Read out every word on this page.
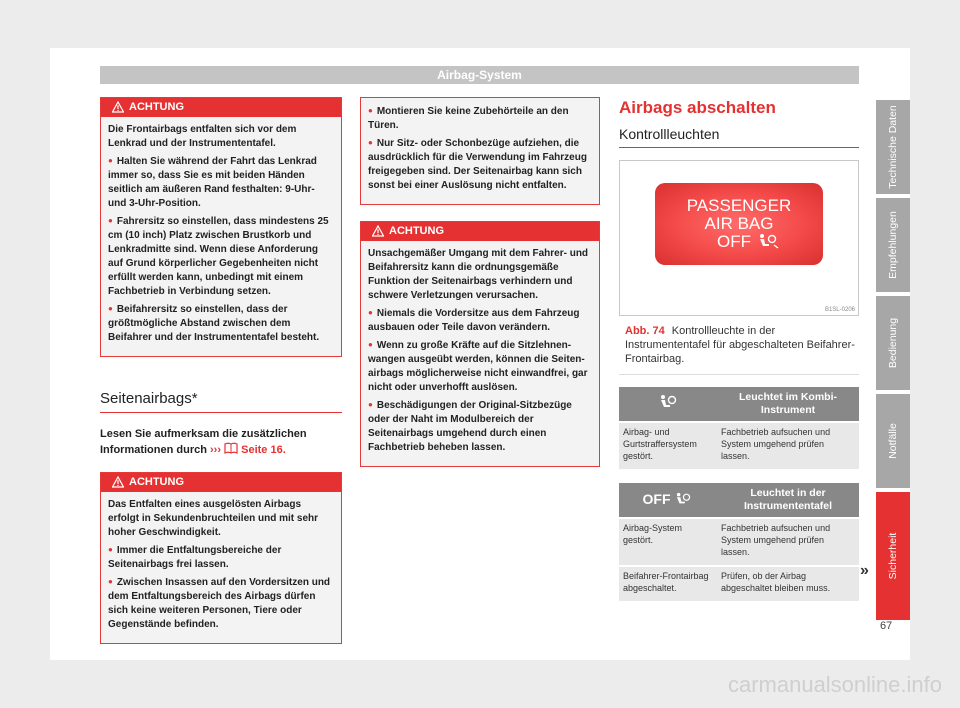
Airbag-System
ACHTUNG

Die Frontairbags entfalten sich vor dem Lenkrad und der Instrumententafel.

● Halten Sie während der Fahrt das Lenkrad immer so, dass Sie es mit beiden Händen seitlich am äußeren Rand festhalten: 9-Uhr- und 3-Uhr-Position.

● Fahrersitz so einstellen, dass mindestens 25 cm (10 inch) Platz zwischen Brustkorb und Lenkradmitte sind. Wenn diese Anforderung auf Grund körperlicher Gegebenheiten nicht erfüllt werden kann, unbedingt mit einem Fachbetrieb in Verbindung setzen.

● Beifahrersitz so einstellen, dass der größtmögliche Abstand zwischen dem Beifahrer und der Instrumententafel besteht.

Seitenairbags*
Lesen Sie aufmerksam die zusätzlichen Informationen durch ›››  Seite 16.
ACHTUNG

Das Entfalten eines ausgelösten Airbags erfolgt in Sekundenbruchteilen und mit sehr hoher Geschwindigkeit.

● Immer die Entfaltungsbereiche der Seitenairbags frei lassen.

● Zwischen Insassen auf den Vordersitzen und dem Entfaltungsbereich des Airbags dürfen sich keine weiteren Personen, Tiere oder Gegenstände befinden.

● Montieren Sie keine Zubehörteile an den Türen.

● Nur Sitz- oder Schonbezüge aufziehen, die ausdrücklich für die Verwendung im Fahrzeug freigegeben sind. Der Seitenairbag kann sich sonst bei einer Auslösung nicht entfalten.

ACHTUNG

Unsachgemäßer Umgang mit dem Fahrer- und Beifahrersitz kann die ordnungsgemäße Funktion der Seitenairbags verhindern und schwere Verletzungen verursachen.

● Niemals die Vordersitze aus dem Fahrzeug ausbauen oder Teile davon verändern.

● Wenn zu große Kräfte auf die Sitzlehnen-wangen ausgeübt werden, können die Seiten-airbags möglicherweise nicht einwandfrei, gar nicht oder unverhofft auslösen.

● Beschädigungen der Original-Sitzbezüge oder der Naht im Modulbereich der Seitenairbags umgehend durch einen Fachbetrieb beheben lassen.

Airbags abschalten
Kontrollleuchten
PASSENGER
AIR BAG
OFF
B1SL-0206
Abb. 74 Kontrollleuchte in der Instrumententafel für abgeschalteten Beifahrer-Frontairbag.
	Leuchtet im Kombi-Instrument
Airbag- und Gurtstraffersystem gestört.	Fachbetrieb aufsuchen und System umgehend prüfen lassen.
OFF	Leuchtet in der Instrumententafel
Airbag-System gestört.	Fachbetrieb aufsuchen und System umgehend prüfen lassen.
Beifahrer-Frontairbag abgeschaltet.	Prüfen, ob der Airbag abgeschaltet bleiben muss.
»
Technische Daten
Empfehlungen
Bedienung
Notfälle
Sicherheit
67
carmanualsonline.info
